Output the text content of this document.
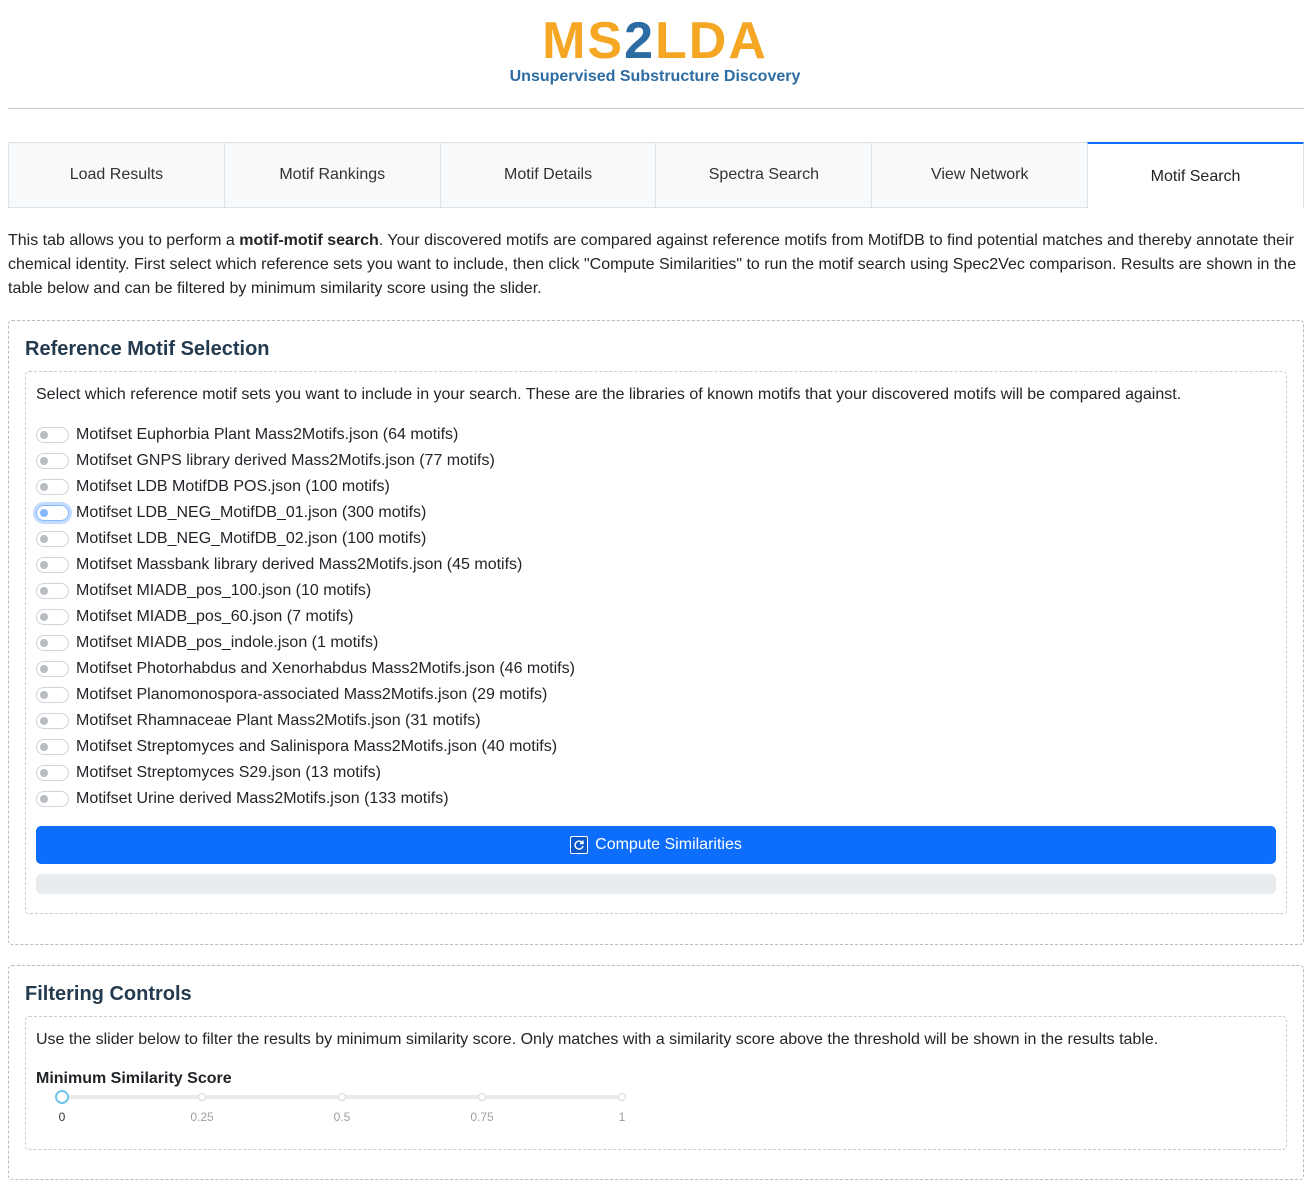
MS2LDA
Unsupervised Substructure Discovery
Load Results	Motif Rankings	Motif Details	Spectra Search	View Network	Motif Search

This tab allows you to perform a motif-motif search. Your discovered motifs are compared against reference motifs from MotifDB to find potential matches and thereby annotate their chemical identity. First select which reference sets you want to include, then click "Compute Similarities" to run the motif search using Spec2Vec comparison. Results are shown in the table below and can be filtered by minimum similarity score using the slider.

Reference Motif Selection
Select which reference motif sets you want to include in your search. These are the libraries of known motifs that your discovered motifs will be compared against.
Motifset Euphorbia Plant Mass2Motifs.json (64 motifs)
Motifset GNPS library derived Mass2Motifs.json (77 motifs)
Motifset LDB MotifDB POS.json (100 motifs)
Motifset LDB_NEG_MotifDB_01.json (300 motifs)
Motifset LDB_NEG_MotifDB_02.json (100 motifs)
Motifset Massbank library derived Mass2Motifs.json (45 motifs)
Motifset MIADB_pos_100.json (10 motifs)
Motifset MIADB_pos_60.json (7 motifs)
Motifset MIADB_pos_indole.json (1 motifs)
Motifset Photorhabdus and Xenorhabdus Mass2Motifs.json (46 motifs)
Motifset Planomonospora-associated Mass2Motifs.json (29 motifs)
Motifset Rhamnaceae Plant Mass2Motifs.json (31 motifs)
Motifset Streptomyces and Salinispora Mass2Motifs.json (40 motifs)
Motifset Streptomyces S29.json (13 motifs)
Motifset Urine derived Mass2Motifs.json (133 motifs)
Compute Similarities
Filtering Controls
Use the slider below to filter the results by minimum similarity score. Only matches with a similarity score above the threshold will be shown in the results table.
Minimum Similarity Score
0	0.25	0.5	0.75	1
